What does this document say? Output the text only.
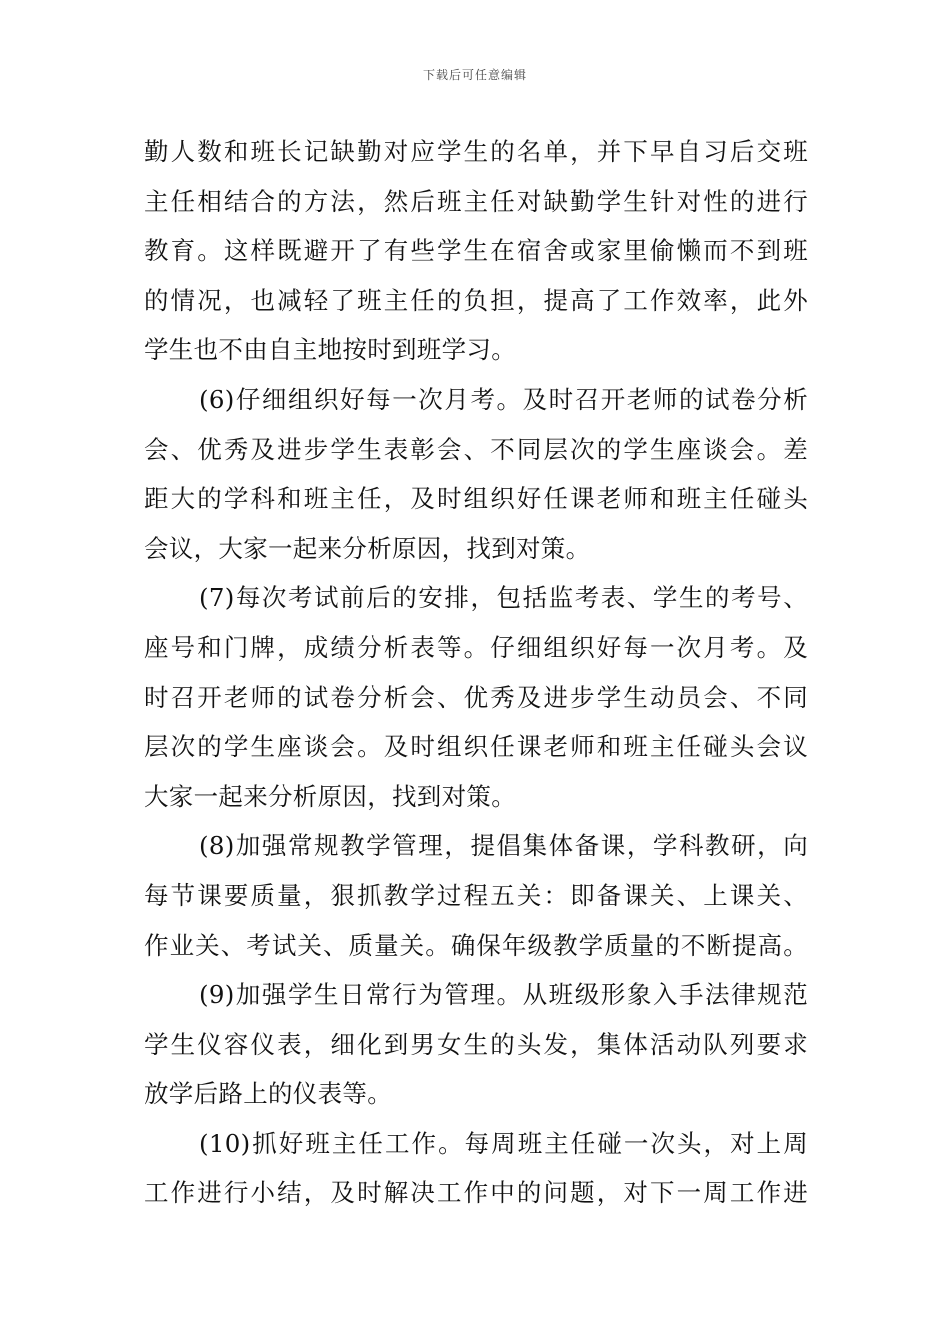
下载后可任意编辑
勤人数和班长记缺勤对应学生的名单，并下早自习后交班
主任相结合的方法，然后班主任对缺勤学生针对性的进行
教育。这样既避开了有些学生在宿舍或家里偷懒而不到班
的情况，也减轻了班主任的负担，提高了工作效率，此外
学生也不由自主地按时到班学习。
(6)仔细组织好每一次月考。及时召开老师的试卷分析
会、优秀及进步学生表彰会、不同层次的学生座谈会。差
距大的学科和班主任，及时组织好任课老师和班主任碰头
会议，大家一起来分析原因，找到对策。
(7)每次考试前后的安排，包括监考表、学生的考号、
座号和门牌，成绩分析表等。仔细组织好每一次月考。及
时召开老师的试卷分析会、优秀及进步学生动员会、不同
层次的学生座谈会。及时组织任课老师和班主任碰头会议
大家一起来分析原因，找到对策。
(8)加强常规教学管理，提倡集体备课，学科教研，向
每节课要质量，狠抓教学过程五关：即备课关、上课关、
作业关、考试关、质量关。确保年级教学质量的不断提高。
(9)加强学生日常行为管理。从班级形象入手法律规范
学生仪容仪表，细化到男女生的头发，集体活动队列要求
放学后路上的仪表等。
(10)抓好班主任工作。每周班主任碰一次头，对上周
工作进行小结，及时解决工作中的问题，对下一周工作进
